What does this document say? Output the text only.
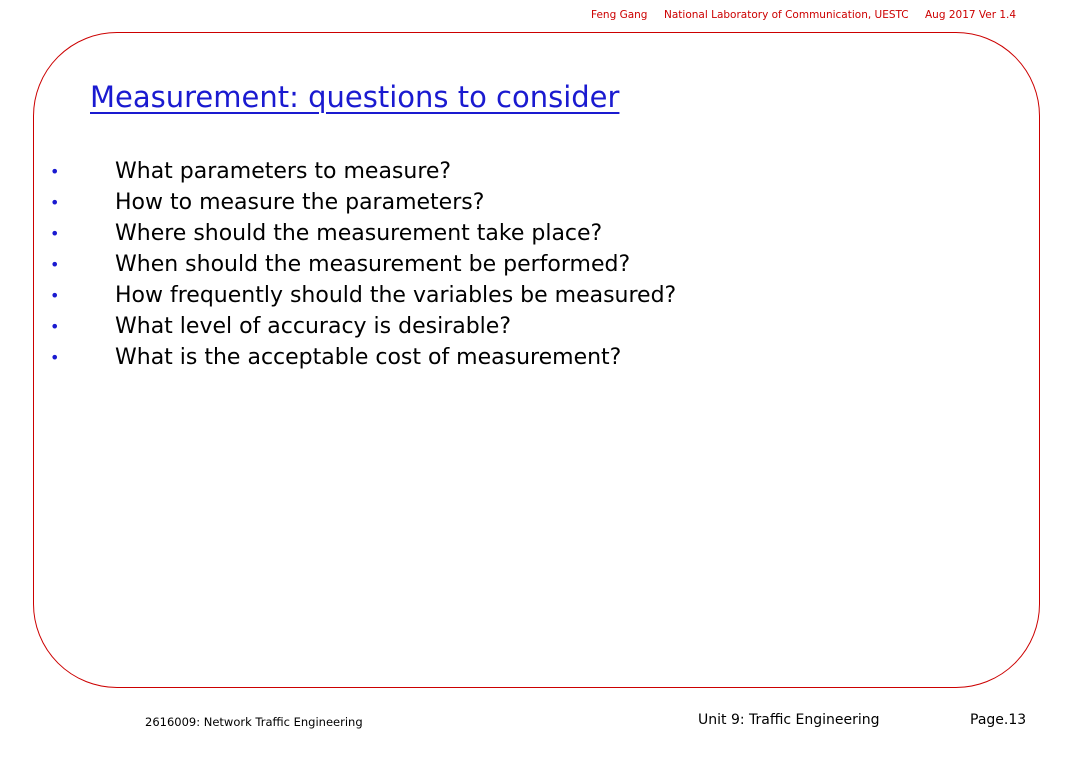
Feng Gang National Laboratory of Communication, UESTC Aug 2017 Ver 1.4
Measurement: questions to consider
•	What parameters to measure?
•	How to measure the parameters?
•	Where should the measurement take place?
•	When should the measurement be performed?
•	How frequently should the variables be measured?
•	What level of accuracy is desirable?
•	What is the acceptable cost of measurement?
2616009: Network Traffic Engineering	Unit 9: Traffic Engineering	Page.13
